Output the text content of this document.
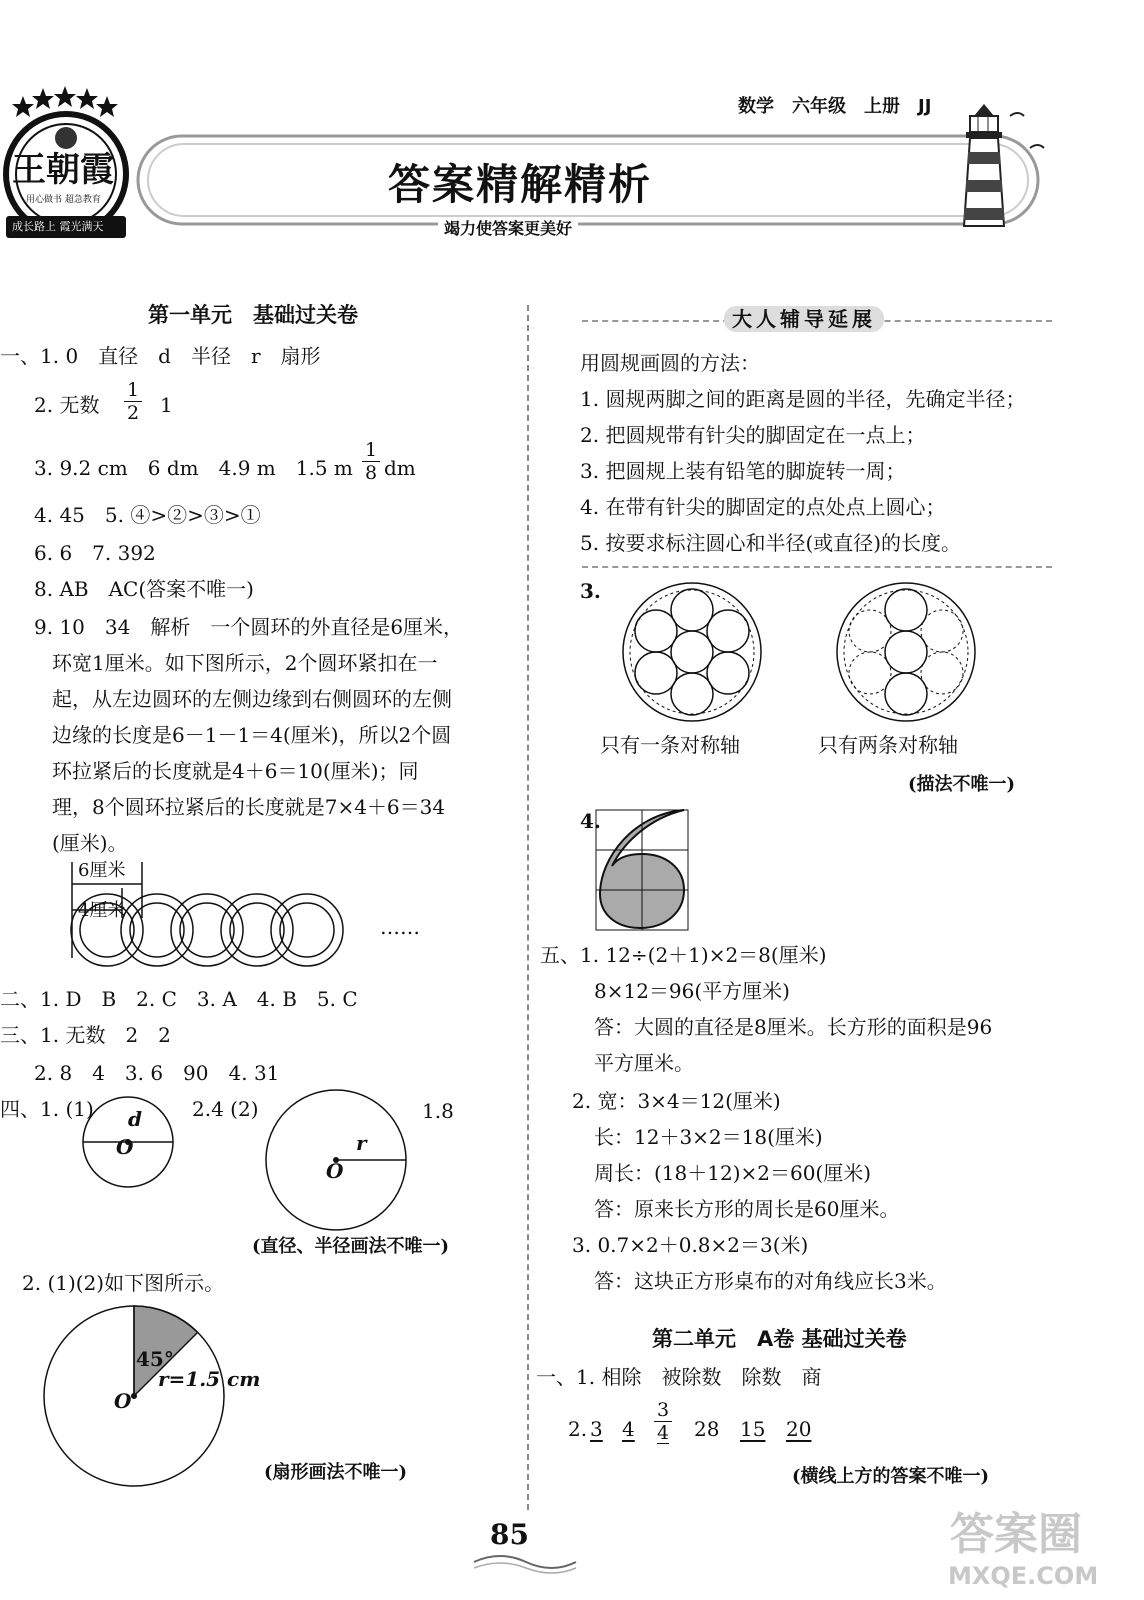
王朝霞
用心做书 超急教育
成长路上 霞光满天
数学　六年级　上册　JJ
答案精解精析
竭力使答案更美好
第一单元　基础过关卷
一、1. 0　直径　d　半径　r　扇形
2. 无数
1
2 1
3. 9.2 cm　6 dm　4.9 m　1.5 m
1
8 dm
4. 45　5. ④>②>③>①
6. 6　7. 392
8. AB　AC(答案不唯一)
9. 10　34　解析　一个圆环的外直径是6厘米，
环宽1厘米。如下图所示，2个圆环紧扣在一
起，从左边圆环的左侧边缘到右侧圆环的左侧
边缘的长度是6－1－1＝4(厘米)，所以2个圆
环拉紧后的长度就是4＋6＝10(厘米)；同
理，8个圆环拉紧后的长度就是7×4＋6＝34
(厘米)。
6厘米
4厘米
……
二、1. D　B　2. C　3. A　4. B　5. C
三、1. 无数　2　2
2. 8　4　3. 6　90　4. 31
四、1. (1) d
O
2.4 (2)	1.8
r
O
(直径、半径画法不唯一)
2. (1)(2)如下图所示。
45°
r=1.5 cm
O
(扇形画法不唯一)
大人辅导延展
用圆规画圆的方法：
1. 圆规两脚之间的距离是圆的半径，先确定半径；
2. 把圆规带有针尖的脚固定在一点上；
3. 把圆规上装有铅笔的脚旋转一周；
4. 在带有针尖的脚固定的点处点上圆心；
5. 按要求标注圆心和半径(或直径)的长度。
3.
只有一条对称轴	只有两条对称轴
(描法不唯一)
4.
五、1. 12÷(2＋1)×2＝8(厘米)
8×12＝96(平方厘米)
答：大圆的直径是8厘米。长方形的面积是96
平方厘米。
2. 宽：3×4＝12(厘米)
长：12＋3×2＝18(厘米)
周长：(18＋12)×2＝60(厘米)
答：原来长方形的周长是60厘米。
3. 0.7×2＋0.8×2＝3(米)
答：这块正方形桌布的对角线应长3米。
第二单元　A卷 基础过关卷
一、1. 相除　被除数　除数　商
2. 3 4
3
4 28 15 20
(横线上方的答案不唯一)
85	答案圈
MXQE.COM
